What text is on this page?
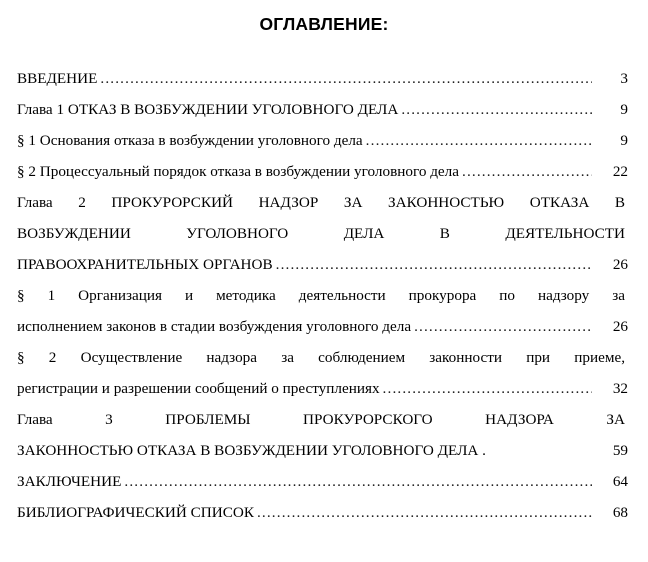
ОГЛАВЛЕНИЕ:
ВВЕДЕНИЕ .....	3
Глава 1 ОТКАЗ В ВОЗБУЖДЕНИИ УГОЛОВНОГО ДЕЛА .....	9
§ 1 Основания отказа в возбуждении уголовного дела .....	9
§ 2 Процессуальный порядок отказа в возбуждении уголовного дела .....	22
Глава 2 ПРОКУРОРСКИЙ НАДЗОР ЗА ЗАКОННОСТЬЮ ОТКАЗА В
ВОЗБУЖДЕНИИ УГОЛОВНОГО ДЕЛА В ДЕЯТЕЛЬНОСТИ
ПРАВООХРАНИТЕЛЬНЫХ ОРГАНОВ .....	26
§ 1 Организация и методика деятельности прокурора по надзору за
исполнением законов в стадии возбуждения уголовного дела .....	26
§ 2 Осуществление надзора за соблюдением законности при приеме,
регистрации и разрешении сообщений о преступлениях .....	32
Глава 3 ПРОБЛЕМЫ ПРОКУРОРСКОГО НАДЗОРА ЗА
ЗАКОННОСТЬЮ ОТКАЗА В ВОЗБУЖДЕНИИ УГОЛОВНОГО ДЕЛА .	59
ЗАКЛЮЧЕНИЕ .....	64
БИБЛИОГРАФИЧЕСКИЙ СПИСОК .....	68
